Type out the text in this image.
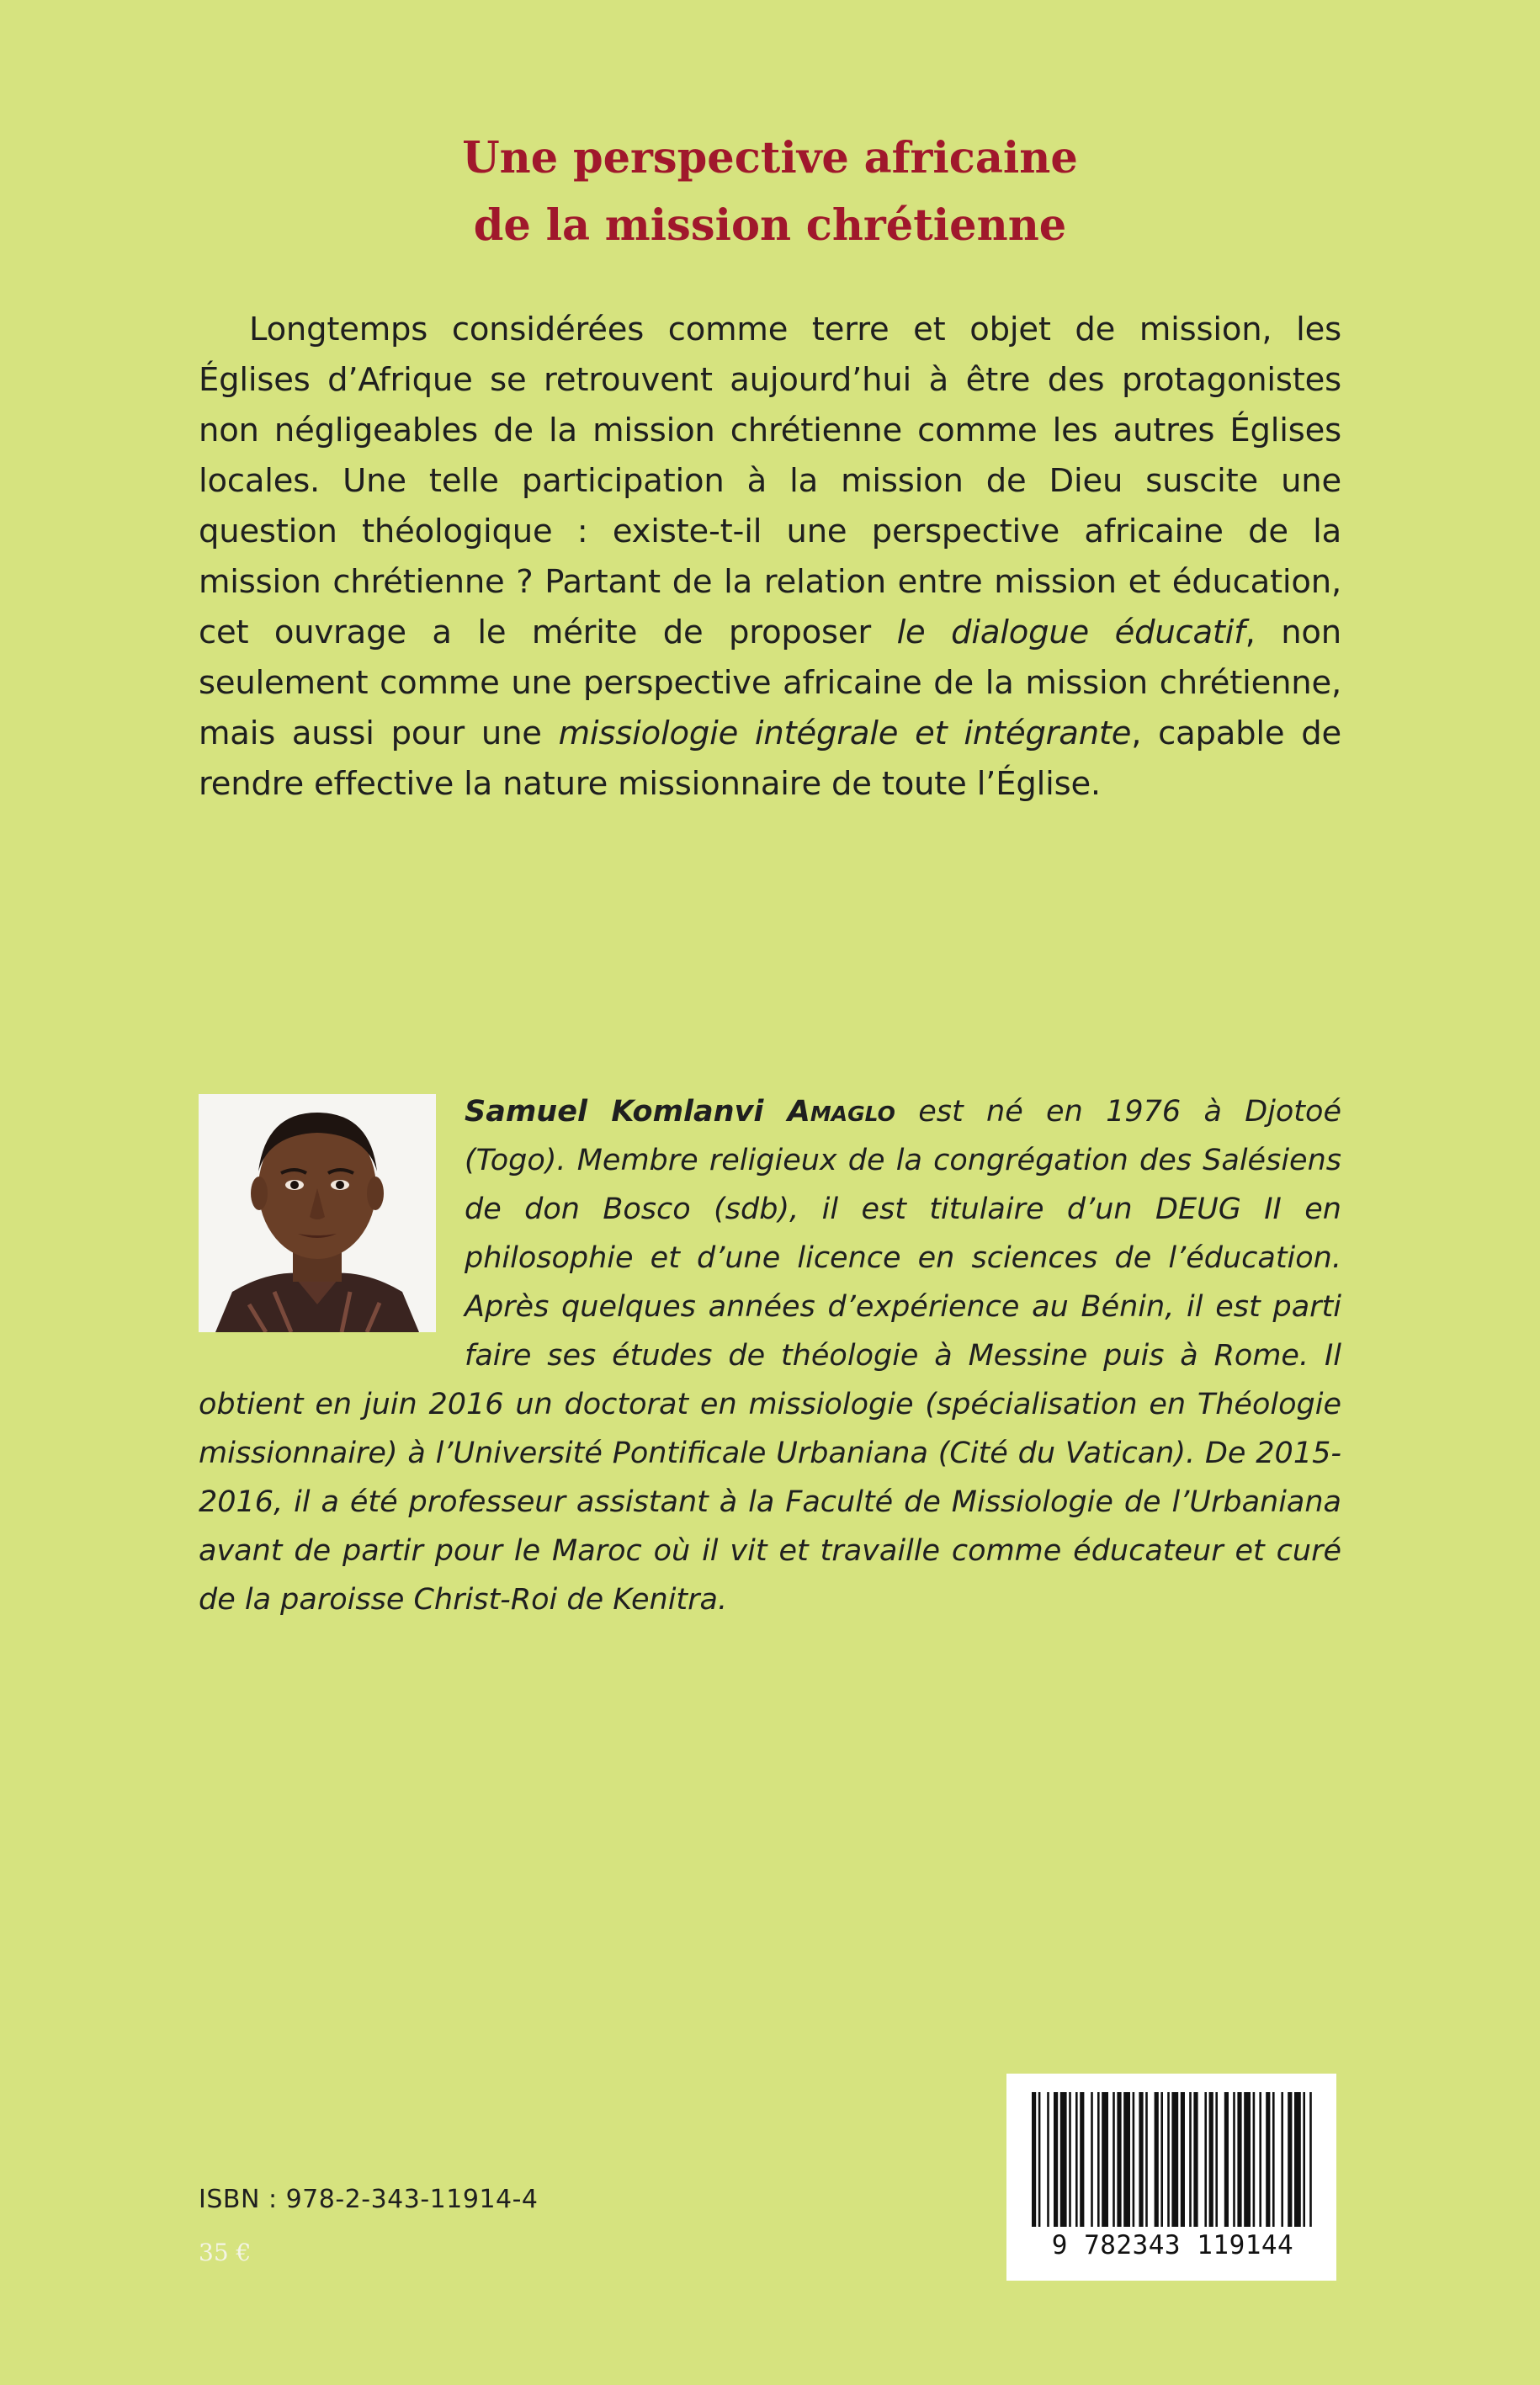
Une perspective africaine
de la mission chrétienne
Longtemps considérées comme terre et objet de mission, les Églises d’Afrique se retrouvent aujourd’hui à être des protagonistes non négligeables de la mission chrétienne comme les autres Églises locales. Une telle participation à la mission de Dieu suscite une question théologique : existe-t-il une perspective africaine de la mission chrétienne ? Partant de la relation entre mission et éducation, cet ouvrage a le mérite de proposer le dialogue éducatif, non seulement comme une perspective africaine de la mission chrétienne, mais aussi pour une missiologie intégrale et intégrante, capable de rendre effective la nature missionnaire de toute l’Église.
Samuel Komlanvi Amaglo est né en 1976 à Djotoé (Togo). Membre religieux de la congrégation des Salésiens de don Bosco (sdb), il est titulaire d’un DEUG II en philosophie et d’une licence en sciences de l’éducation. Après quelques années d’expérience au Bénin, il est parti faire ses études de théologie à Messine puis à Rome. Il obtient en juin 2016 un doctorat en missiologie (spécialisation en Théologie missionnaire) à l’Université Pontificale Urbaniana (Cité du Vatican). De 2015-2016, il a été professeur assistant à la Faculté de Missiologie de l’Urbaniana avant de partir pour le Maroc où il vit et travaille comme éducateur et curé de la paroisse Christ-Roi de Kenitra.
ISBN : 978-2-343-11914-4
35 €	9 782343 119144
